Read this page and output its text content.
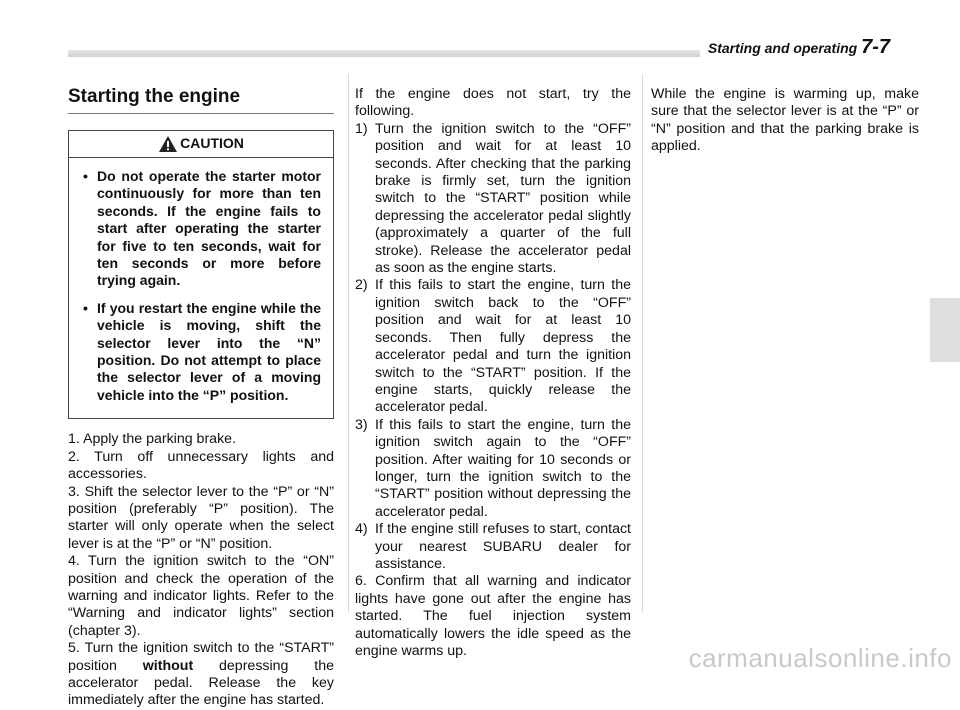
Starting and operating 7-7
Starting the engine
CAUTION
• Do not operate the starter motor continuously for more than ten seconds. If the engine fails to start after operating the starter for five to ten seconds, wait for ten seconds or more before trying again.
• If you restart the engine while the vehicle is moving, shift the selector lever into the “N” position. Do not attempt to place the selector lever of a moving vehicle into the “P” position.

1. Apply the parking brake.

2. Turn off unnecessary lights and accessories.

3. Shift the selector lever to the “P” or “N” position (preferably “P” position). The starter will only operate when the select lever is at the “P” or “N” position.

4. Turn the ignition switch to the “ON” position and check the operation of the warning and indicator lights. Refer to the “Warning and indicator lights” section (chapter 3).

5. Turn the ignition switch to the “START” position without depressing the accelerator pedal. Release the key immediately after the engine has started.

If the engine does not start, try the following.

1) Turn the ignition switch to the “OFF” position and wait for at least 10 seconds. After checking that the parking brake is firmly set, turn the ignition switch to the “START” position while depressing the accelerator pedal slightly (approximately a quarter of the full stroke). Release the accelerator pedal as soon as the engine starts.

2) If this fails to start the engine, turn the ignition switch back to the “OFF” position and wait for at least 10 seconds. Then fully depress the accelerator pedal and turn the ignition switch to the “START” position. If the engine starts, quickly release the accelerator pedal.

3) If this fails to start the engine, turn the ignition switch again to the “OFF” position. After waiting for 10 seconds or longer, turn the ignition switch to the “START” position without depressing the accelerator pedal.

4) If the engine still refuses to start, contact your nearest SUBARU dealer for assistance.

6. Confirm that all warning and indicator lights have gone out after the engine has started. The fuel injection system automatically lowers the idle speed as the engine warms up.

While the engine is warming up, make sure that the selector lever is at the “P” or “N” position and that the parking brake is applied.

carmanualsonline.info
